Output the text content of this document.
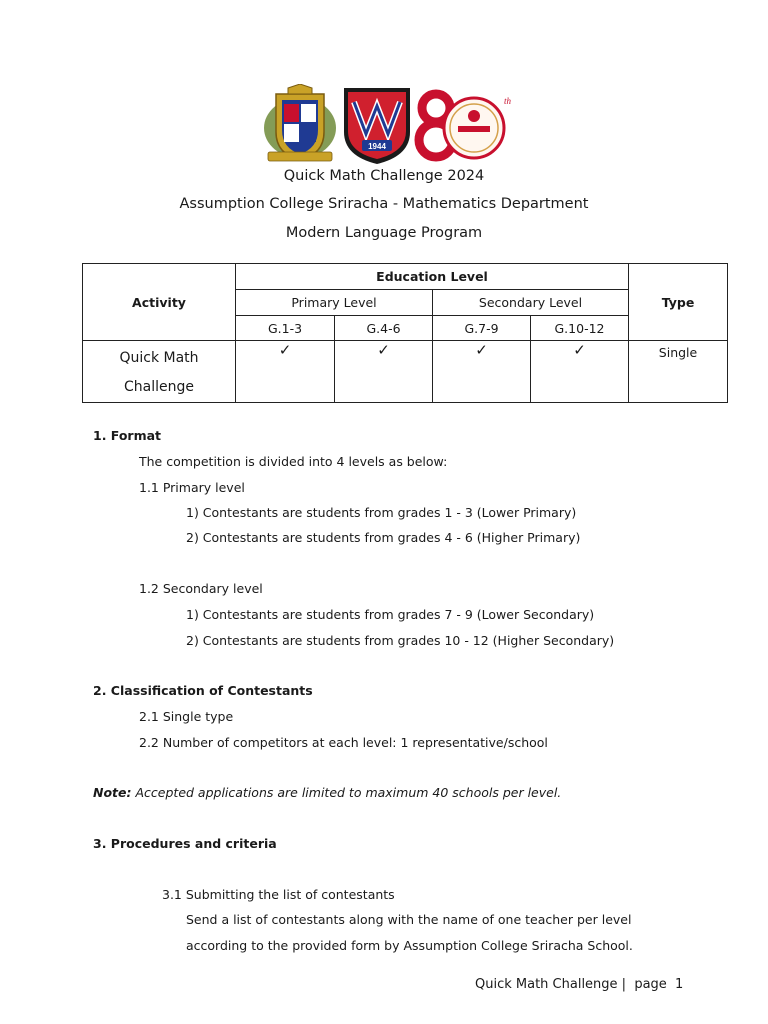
1944
th
Quick Math Challenge 2024
Assumption College Sriracha - Mathematics Department
Modern Language Program
Activity	Education Level				Type
	Primary Level		Secondary Level		
	G.1-3	G.4-6	G.7-9	G.10-12	
Quick Math
Challenge	✓	✓	✓	✓	Single
1. Format
The competition is divided into 4 levels as below:
1.1 Primary level
1) Contestants are students from grades 1 - 3 (Lower Primary)
2) Contestants are students from grades 4 - 6 (Higher Primary)
1.2 Secondary level
1) Contestants are students from grades 7 - 9 (Lower Secondary)
2) Contestants are students from grades 10 - 12 (Higher Secondary)
2. Classification of Contestants
2.1 Single type
2.2 Number of competitors at each level: 1 representative/school
Note: Accepted applications are limited to maximum 40 schools per level.
3. Procedures and criteria
3.1 Submitting the list of contestants
Send a list of contestants along with the name of one teacher per level
according to the provided form by Assumption College Sriracha School.
Quick Math Challenge |  page  1
